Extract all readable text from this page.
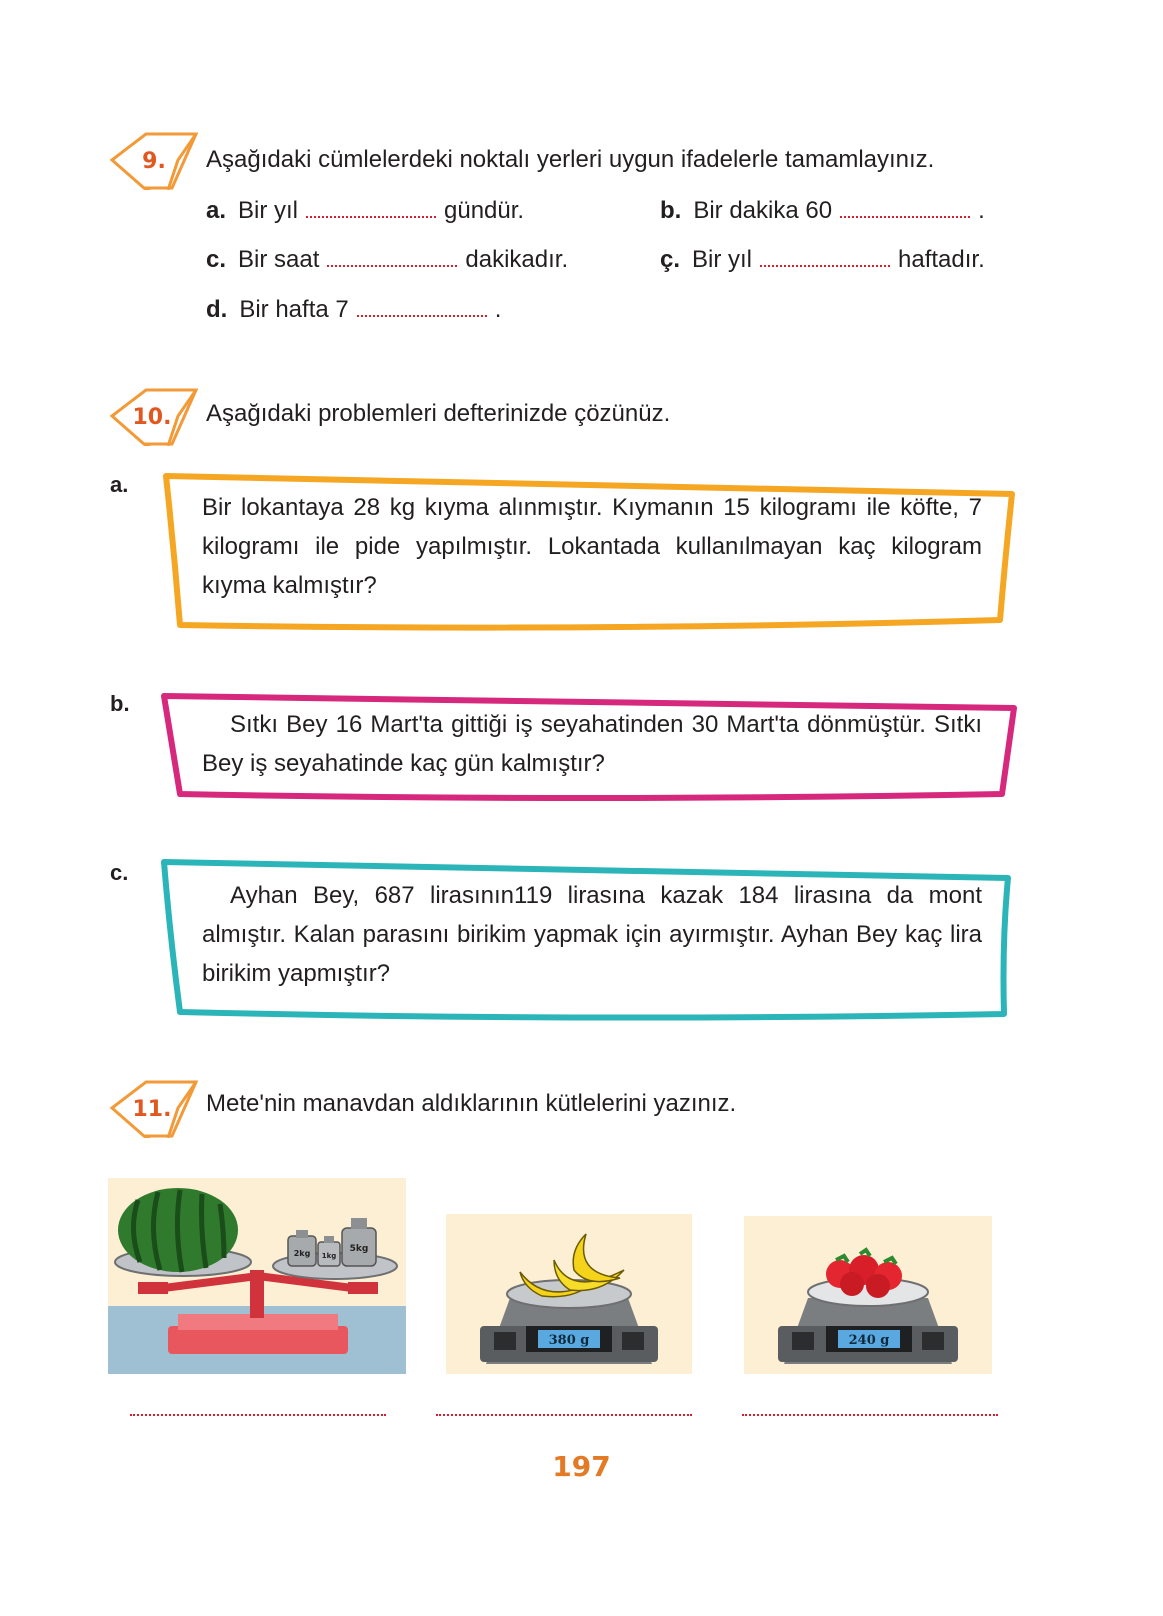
9. Aşağıdaki cümlelerdeki noktalı yerleri uygun ifadelerle tamamlayınız.
a. Bir yıl	gündür.	b. Bir dakika 60	.
c. Bir saat	dakikadır.	ç. Bir yıl	haftadır.
d. Bir hafta 7	.
10. Aşağıdaki problemleri defterinizde çözünüz.
a.
Bir lokantaya 28 kg kıyma alınmıştır. Kıymanın 15 kilogramı ile köfte, 7 kilogramı ile pide yapılmıştır. Lokantada kullanılmayan kaç kilogram kıyma kalmıştır?
b.
Sıtkı Bey 16 Mart'ta gittiği iş seyahatinden 30 Mart'ta dönmüştür. Sıtkı Bey iş seyahatinde kaç gün kalmıştır?
c.
Ayhan Bey, 687 lirasının119 lirasına kazak 184 lirasına da mont almıştır. Kalan parasını birikim yapmak için ayırmıştır. Ayhan Bey kaç lira birikim yapmıştır?
11. Mete'nin manavdan aldıklarının kütlelerini yazınız.
2kg 1kg
5kg
380 g	240 g
197
